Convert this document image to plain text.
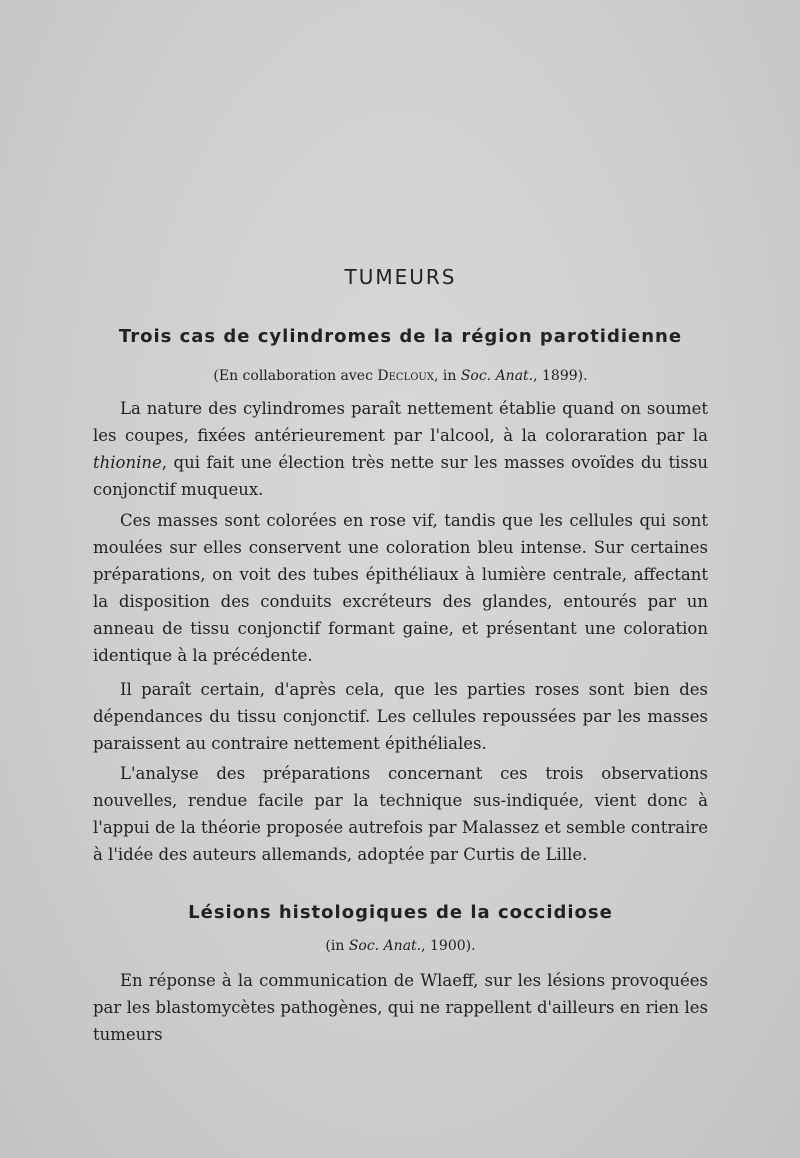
TUMEURS
Trois cas de cylindromes de la région parotidienne
(En collaboration avec Decloux, in Soc. Anat., 1899).

La nature des cylindromes paraît nettement établie quand on soumet les coupes, fixées antérieurement par l'alcool, à la coloraration par la thionine, qui fait une élection très nette sur les masses ovoïdes du tissu conjonctif muqueux.

Ces masses sont colorées en rose vif, tandis que les cellules qui sont moulées sur elles conservent une coloration bleu intense. Sur certaines préparations, on voit des tubes épithéliaux à lumière centrale, affectant la disposition des conduits excréteurs des glandes, entourés par un anneau de tissu conjonctif formant gaine, et présentant une coloration identique à la précédente.

Il paraît certain, d'après cela, que les parties roses sont bien des dépendances du tissu conjonctif. Les cellules repoussées par les masses paraissent au contraire nettement épithéliales.

L'analyse des préparations concernant ces trois observations nouvelles, rendue facile par la technique sus-indiquée, vient donc à l'appui de la théorie proposée autrefois par Malassez et semble contraire à l'idée des auteurs allemands, adoptée par Curtis de Lille.

Lésions histologiques de la coccidiose
(in Soc. Anat., 1900).

En réponse à la communication de Wlaeff, sur les lésions provoquées par les blastomycètes pathogènes, qui ne rappellent d'ailleurs en rien les tumeurs
